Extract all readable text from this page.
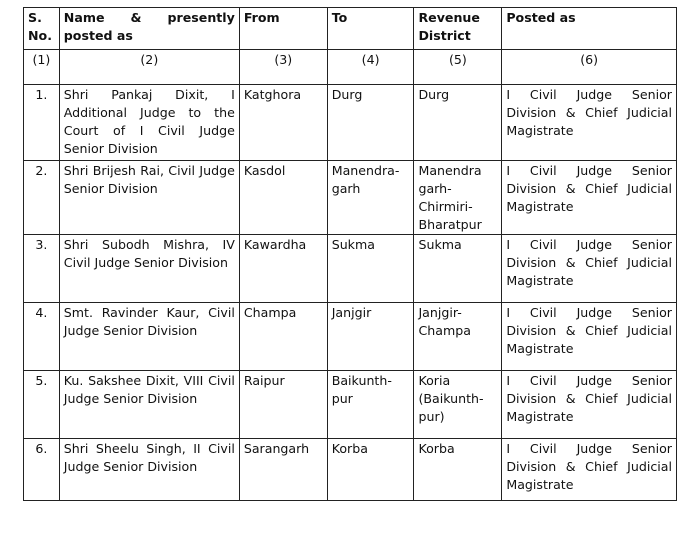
S. No.	Name & presently posted as	From	To	Revenue District	Posted as
(1)	(2)	(3)	(4)	(5)	(6)
1.	Shri Pankaj Dixit, I Additional Judge to the Court of I Civil Judge Senior Division	Katghora	Durg	Durg	I Civil Judge Senior Division & Chief Judicial Magistrate
2.	Shri Brijesh Rai, Civil Judge Senior Division	Kasdol	Manendra-garh	Manendra garh-Chirmiri-Bharatpur	I Civil Judge Senior Division & Chief Judicial Magistrate
3.	Shri Subodh Mishra, IV Civil Judge Senior Division	Kawardha	Sukma	Sukma	I Civil Judge Senior Division & Chief Judicial Magistrate
4.	Smt. Ravinder Kaur, Civil Judge Senior Division	Champa	Janjgir	Janjgir-Champa	I Civil Judge Senior Division & Chief Judicial Magistrate
5.	Ku. Sakshee Dixit, VIII Civil Judge Senior Division	Raipur	Baikunth-pur	Koria (Baikunth-pur)	I Civil Judge Senior Division & Chief Judicial Magistrate
6.	Shri Sheelu Singh, II Civil Judge Senior Division	Sarangarh	Korba	Korba	I Civil Judge Senior Division & Chief Judicial Magistrate
